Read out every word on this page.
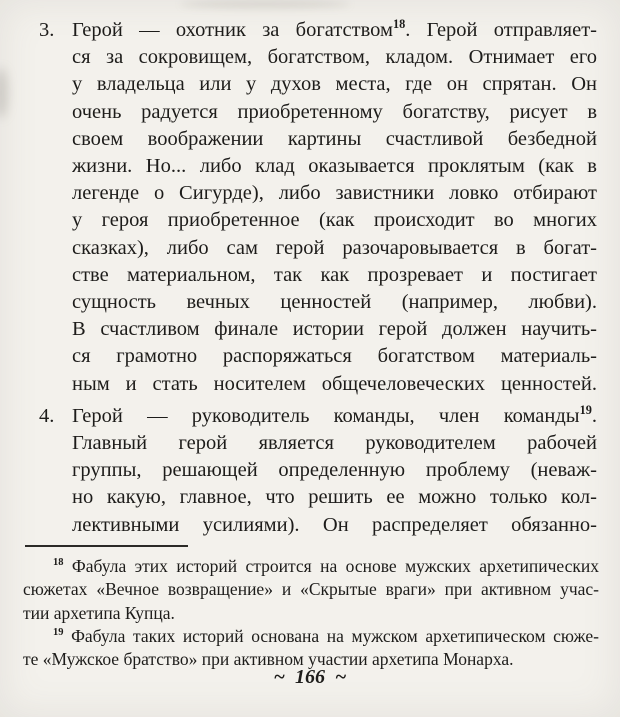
3. Герой — охотник за богатством$^{18}$. Герой отправляет-
ся за сокровищем, богатством, кладом. Отнимает его
у владельца или у духов места, где он спрятан. Он
очень радуется приобретенному богатству, рисует в
своем воображении картины счастливой безбедной
жизни. Но... либо клад оказывается проклятым (как в
легенде о Сигурде), либо завистники ловко отбирают
у героя приобретенное (как происходит во многих
сказках), либо сам герой разочаровывается в богат-
стве материальном, так как прозревает и постигает
сущность вечных ценностей (например, любви).
В счастливом финале истории герой должен научить-
ся грамотно распоряжаться богатством материаль-
ным и стать носителем общечеловеческих ценностей.
4. Герой — руководитель команды, член команды$^{19}$.
Главный герой является руководителем рабочей
группы, решающей определенную проблему (неваж-
но какую, главное, что решить ее можно только кол-
лективными усилиями). Он распределяет обязанно-
$^{18}$ Фабула этих историй строится на основе мужских архетипических
сюжетах «Вечное возвращение» и «Скрытые враги» при активном учас-
тии архетипа Купца.
$^{19}$ Фабула таких историй основана на мужском архетипическом сюже-
те «Мужское братство» при активном участии архетипа Монарха.
~ 166 ~
